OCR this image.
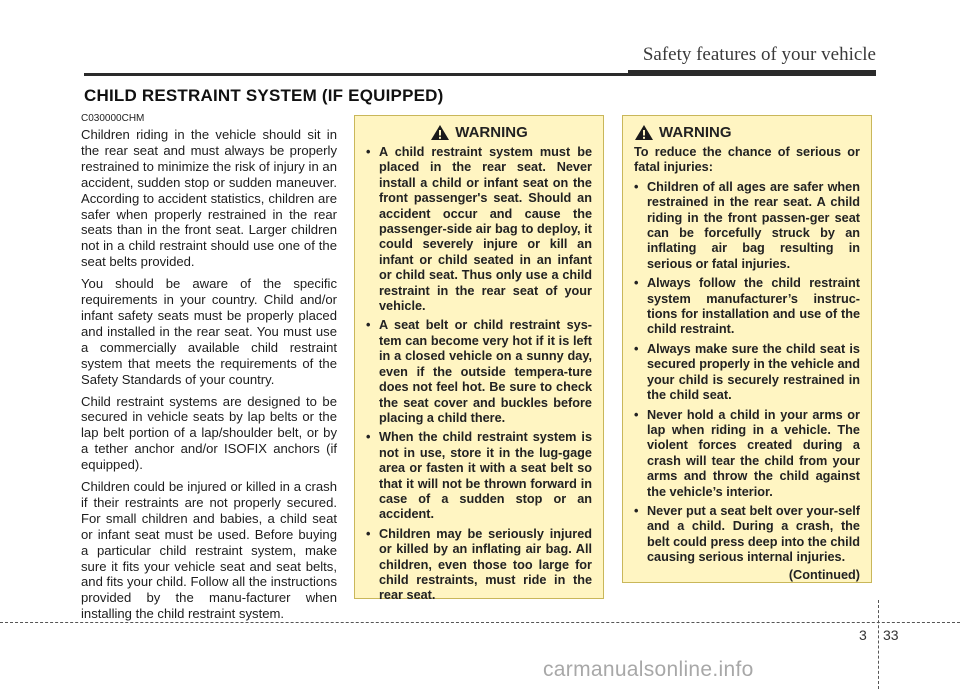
Safety features of your vehicle
CHILD RESTRAINT SYSTEM (IF EQUIPPED)
C030000CHM

Children riding in the vehicle should sit in the rear seat and must always be properly restrained to minimize the risk of injury in an accident, sudden stop or sudden maneuver. According to accident statistics, children are safer when properly restrained in the rear seats than in the front seat. Larger children not in a child restraint should use one of the seat belts provided.

You should be aware of the specific requirements in your country. Child and/or infant safety seats must be properly placed and installed in the rear seat. You must use a commercially available child restraint system that meets the requirements of the Safety Standards of your country.

Child restraint systems are designed to be secured in vehicle seats by lap belts or the lap belt portion of a lap/shoulder belt, or by a tether anchor and/or ISOFIX anchors (if equipped).

Children could be injured or killed in a crash if their restraints are not properly secured. For small children and babies, a child seat or infant seat must be used. Before buying a particular child restraint system, make sure it fits your vehicle seat and seat belts, and fits your child. Follow all the instructions provided by the manu-facturer when installing the child restraint system.

WARNING
• A child restraint system must be placed in the rear seat. Never install a child or infant seat on the front passenger's seat. Should an accident occur and cause the passenger-side air bag to deploy, it could severely injure or kill an infant or child seated in an infant or child seat. Thus only use a child restraint in the rear seat of your vehicle.
• A seat belt or child restraint sys-tem can become very hot if it is left in a closed vehicle on a sunny day, even if the outside tempera-ture does not feel hot. Be sure to check the seat cover and buckles before placing a child there.
• When the child restraint system is not in use, store it in the lug-gage area or fasten it with a seat belt so that it will not be thrown forward in case of a sudden stop or an accident.
• Children may be seriously injured or killed by an inflating air bag. All children, even those too large for child restraints, must ride in the rear seat.
WARNING

To reduce the chance of serious or fatal injuries:

• Children of all ages are safer when restrained in the rear seat. A child riding in the front passen-ger seat can be forcefully struck by an inflating air bag resulting in serious or fatal injuries.
• Always follow the child restraint system manufacturer’s instruc-tions for installation and use of the child restraint.
• Always make sure the child seat is secured properly in the vehicle and your child is securely restrained in the child seat.
• Never hold a child in your arms or lap when riding in a vehicle. The violent forces created during a crash will tear the child from your arms and throw the child against the vehicle’s interior.
• Never put a seat belt over your-self and a child. During a crash, the belt could press deep into the child causing serious internal injuries.
(Continued)
3 33
carmanualsonline.info
